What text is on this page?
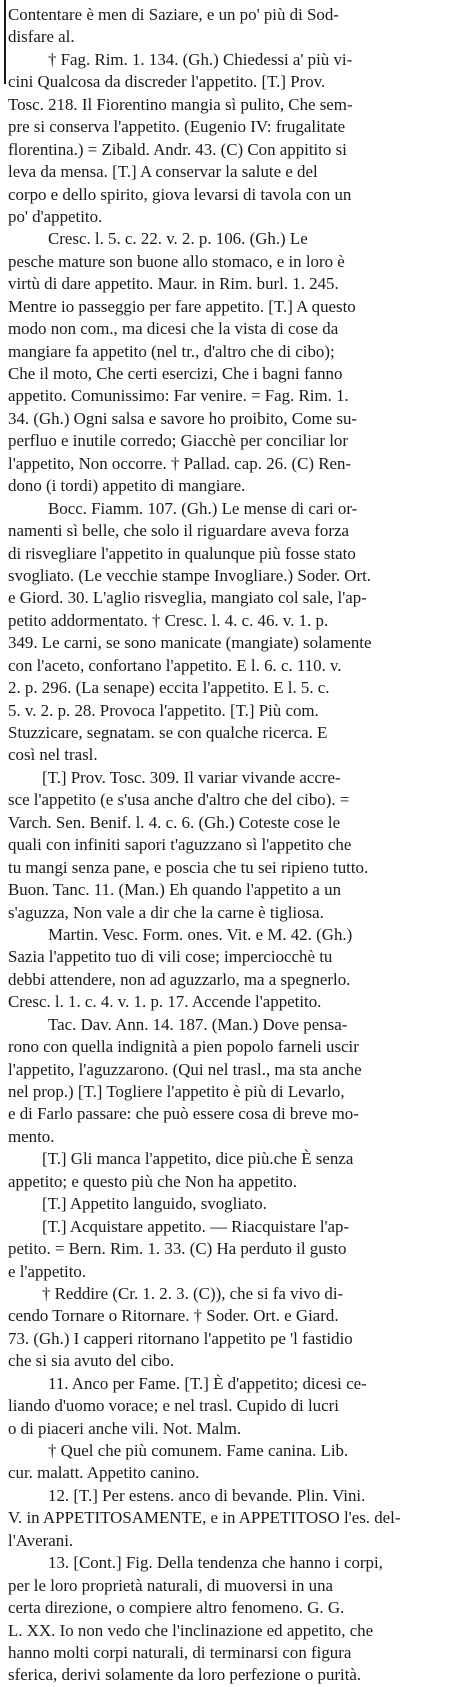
Contentare è men di Saziare, e un po' più di Sod-
disfare al.
† Fag. Rim. 1. 134. (Gh.) Chiedessi a' più vi-
cini Qualcosa da discreder l'appetito. [T.] Prov.
Tosc. 218. Il Fiorentino mangia sì pulito, Che sem-
pre si conserva l'appetito. (Eugenio IV: frugalitate
florentina.) = Zibald. Andr. 43. (C) Con appitito si
leva da mensa. [T.] A conservar la salute e del
corpo e dello spirito, giova levarsi di tavola con un
po' d'appetito.
Cresc. l. 5. c. 22. v. 2. p. 106. (Gh.) Le
pesche mature son buone allo stomaco, e in loro è
virtù di dare appetito. Maur. in Rim. burl. 1. 245.
Mentre io passeggio per fare appetito. [T.] A questo
modo non com., ma dicesi che la vista di cose da
mangiare fa appetito (nel tr., d'altro che di cibo);
Che il moto, Che certi esercizi, Che i bagni fanno
appetito. Comunissimo: Far venire. = Fag. Rim. 1.
34. (Gh.) Ogni salsa e savore ho proibito, Come su-
perfluo e inutile corredo; Giacchè per conciliar lor
l'appetito, Non occorre. † Pallad. cap. 26. (C) Ren-
dono (i tordi) appetito di mangiare.
Bocc. Fiamm. 107. (Gh.) Le mense di cari or-
namenti sì belle, che solo il riguardare aveva forza
di risvegliare l'appetito in qualunque più fosse stato
svogliato. (Le vecchie stampe Invogliare.) Soder. Ort.
e Giord. 30. L'aglio risveglia, mangiato col sale, l'ap-
petito addormentato. † Cresc. l. 4. c. 46. v. 1. p.
349. Le carni, se sono manicate (mangiate) solamente
con l'aceto, confortano l'appetito. E l. 6. c. 110. v.
2. p. 296. (La senape) eccita l'appetito. E l. 5. c.
5. v. 2. p. 28. Provoca l'appetito. [T.] Più com.
Stuzzicare, segnatam. se con qualche ricerca. E
così nel trasl.
[T.] Prov. Tosc. 309. Il variar vivande accre-
sce l'appetito (e s'usa anche d'altro che del cibo). =
Varch. Sen. Benif. l. 4. c. 6. (Gh.) Coteste cose le
quali con infiniti sapori t'aguzzano sì l'appetito che
tu mangi senza pane, e poscia che tu sei ripieno tutto.
Buon. Tanc. 11. (Man.) Eh quando l'appetito a un
s'aguzza, Non vale a dir che la carne è tigliosa.
Martin. Vesc. Form. ones. Vit. e M. 42. (Gh.)
Sazia l'appetito tuo di vili cose; imperciocchè tu
debbi attendere, non ad aguzzarlo, ma a spegnerlo.
Cresc. l. 1. c. 4. v. 1. p. 17. Accende l'appetito.
Tac. Dav. Ann. 14. 187. (Man.) Dove pensa-
rono con quella indignità a pien popolo farneli uscir
l'appetito, l'aguzzarono. (Qui nel trasl., ma sta anche
nel prop.) [T.] Togliere l'appetito è più di Levarlo,
e di Farlo passare: che può essere cosa di breve mo-
mento.
[T.] Gli manca l'appetito, dice più.che È senza
appetito; e questo più che Non ha appetito.
[T.] Appetito languido, svogliato.
[T.] Acquistare appetito. — Riacquistare l'ap-
petito. = Bern. Rim. 1. 33. (C) Ha perduto il gusto
e l'appetito.
† Reddire (Cr. 1. 2. 3. (C)), che si fa vivo di-
cendo Tornare o Ritornare. † Soder. Ort. e Giard.
73. (Gh.) I capperi ritornano l'appetito pe 'l fastidio
che si sia avuto del cibo.
11. Anco per Fame. [T.] È d'appetito; dicesi ce-
liando d'uomo vorace; e nel trasl. Cupido di lucri
o di piaceri anche vili. Not. Malm.
† Quel che più comunem. Fame canina. Lib.
cur. malatt. Appetito canino.
12. [T.] Per estens. anco di bevande. Plin. Vini.
V. in APPETITOSAMENTE, e in APPETITOSO l'es. del-
l'Averani.
13. [Cont.] Fig. Della tendenza che hanno i corpi,
per le loro proprietà naturali, di muoversi in una
certa direzione, o compiere altro fenomeno. G. G.
L. XX. Io non vedo che l'inclinazione ed appetito, che
hanno molti corpi naturali, di terminarsi con figura
sferica, derivi solamente da loro perfezione o purità.
